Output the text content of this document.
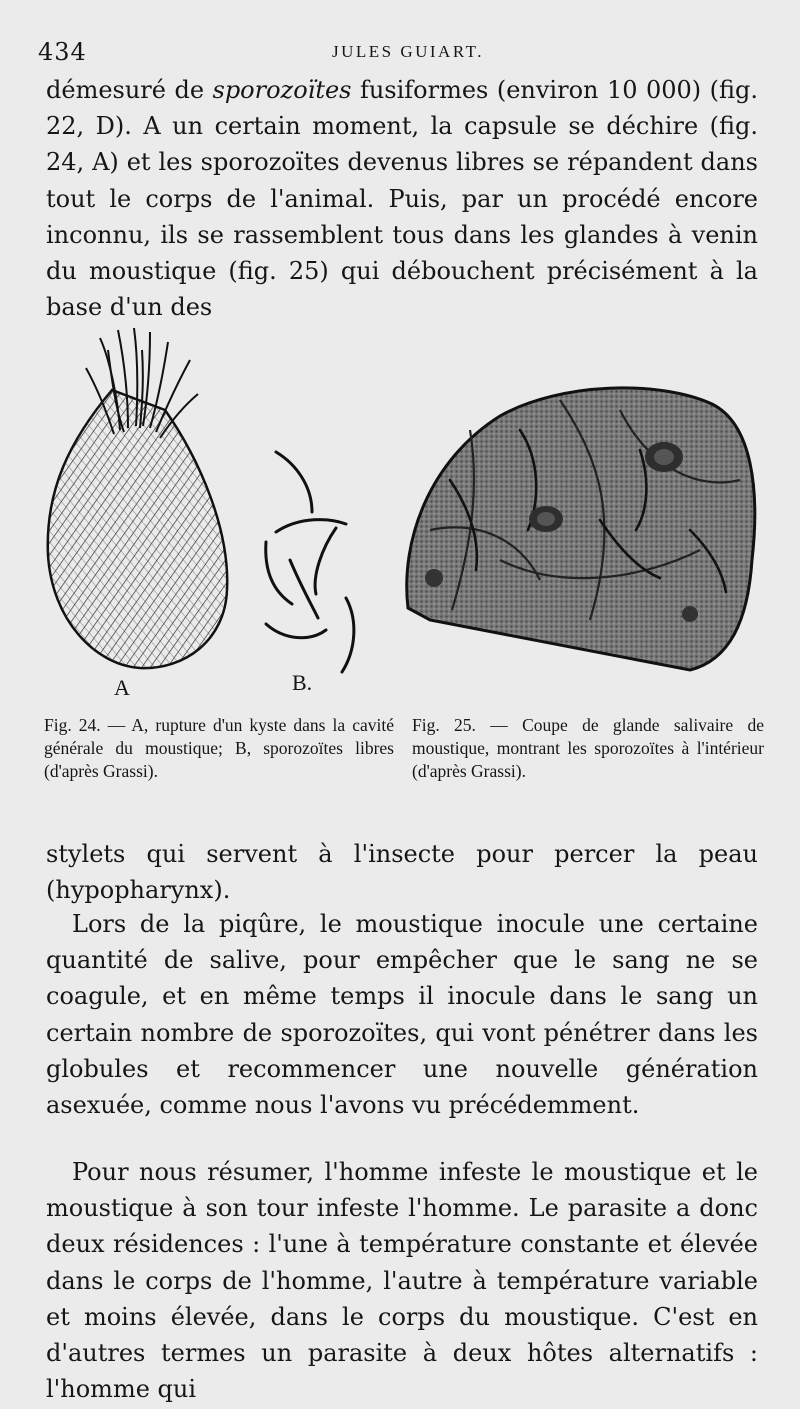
434	JULES GUIART.

démesuré de sporozoïtes fusiformes (environ 10 000) (fig. 22, D). A un certain moment, la capsule se déchire (fig. 24, A) et les sporozoïtes devenus libres se répandent dans tout le corps de l'animal. Puis, par un procédé encore inconnu, ils se rassemblent tous dans les glandes à venin du moustique (fig. 25) qui débouchent précisément à la base d'un des

A	B.

Fig. 24. — A, rupture d'un kyste dans la cavité générale du moustique; B, sporozoïtes libres (d'après Grassi).

Fig. 25. — Coupe de glande salivaire de moustique, montrant les sporozoïtes à l'intérieur (d'après Grassi).

stylets qui servent à l'insecte pour percer la peau (hypopharynx).

Lors de la piqûre, le moustique inocule une certaine quantité de salive, pour empêcher que le sang ne se coagule, et en même temps il inocule dans le sang un certain nombre de sporozoïtes, qui vont pénétrer dans les globules et recommencer une nouvelle génération asexuée, comme nous l'avons vu précédemment.

Pour nous résumer, l'homme infeste le moustique et le moustique à son tour infeste l'homme. Le parasite a donc deux résidences : l'une à température constante et élevée dans le corps de l'homme, l'autre à température variable et moins élevée, dans le corps du moustique. C'est en d'autres termes un parasite à deux hôtes alternatifs : l'homme qui
